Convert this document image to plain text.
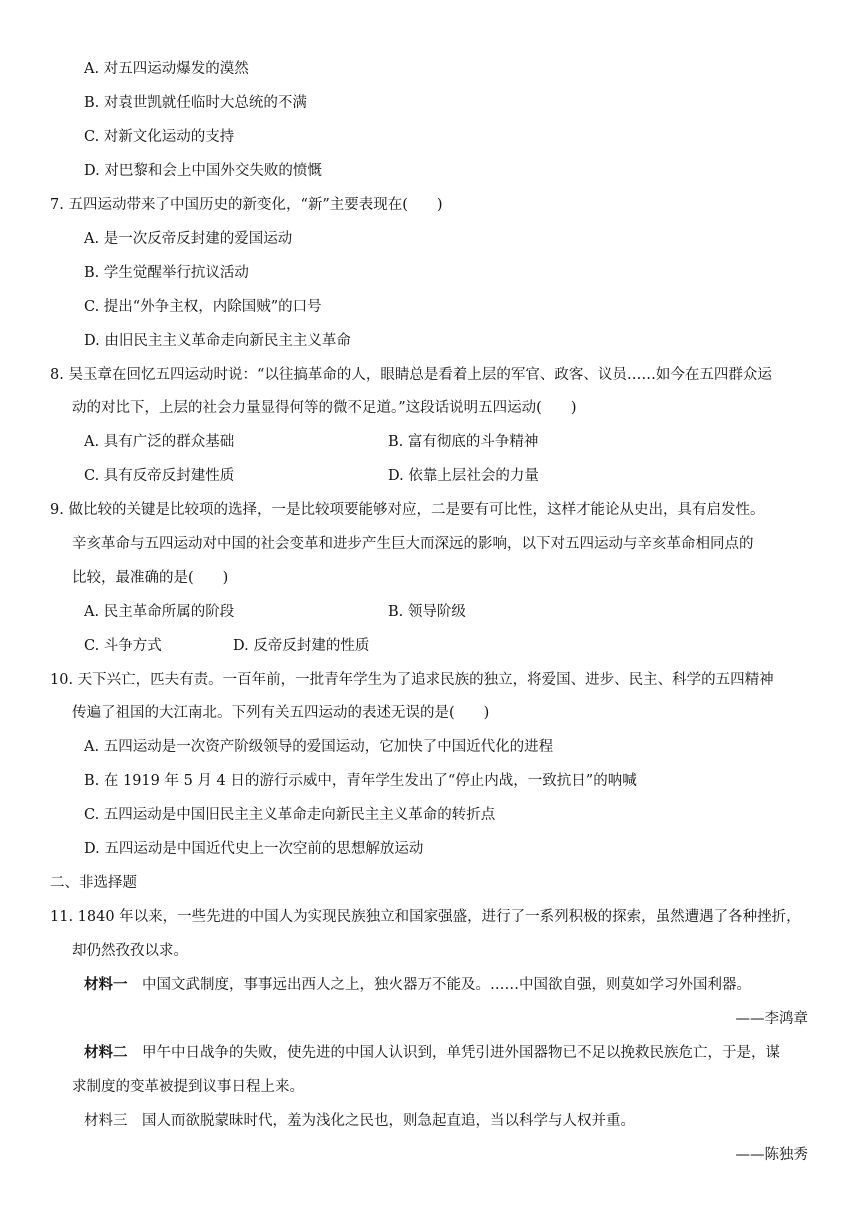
A. 对五四运动爆发的漠然
B. 对袁世凯就任临时大总统的不满
C. 对新文化运动的支持
D. 对巴黎和会上中国外交失败的愤慨
7. 五四运动带来了中国历史的新变化，“新”主要表现在(　　)
A. 是一次反帝反封建的爱国运动
B. 学生觉醒举行抗议活动
C. 提出“外争主权，内除国贼”的口号
D. 由旧民主主义革命走向新民主主义革命
8. 吴玉章在回忆五四运动时说：“以往搞革命的人，眼睛总是看着上层的军官、政客、议员……如今在五四群众运
动的对比下，上层的社会力量显得何等的微不足道。”这段话说明五四运动(　　)
A. 具有广泛的群众基础	B. 富有彻底的斗争精神
C. 具有反帝反封建性质	D. 依靠上层社会的力量
9. 做比较的关键是比较项的选择，一是比较项要能够对应，二是要有可比性，这样才能论从史出，具有启发性。
辛亥革命与五四运动对中国的社会变革和进步产生巨大而深远的影响，以下对五四运动与辛亥革命相同点的
比较，最准确的是(　　)
A. 民主革命所属的阶段	B. 领导阶级
C. 斗争方式	D. 反帝反封建的性质
10. 天下兴亡，匹夫有责。一百年前，一批青年学生为了追求民族的独立，将爱国、进步、民主、科学的五四精神
传遍了祖国的大江南北。下列有关五四运动的表述无误的是(　　)
A. 五四运动是一次资产阶级领导的爱国运动，它加快了中国近代化的进程
B. 在 1919 年 5 月 4 日的游行示威中，青年学生发出了“停止内战，一致抗日”的呐喊
C. 五四运动是中国旧民主主义革命走向新民主主义革命的转折点
D. 五四运动是中国近代史上一次空前的思想解放运动
二、非选择题
11. 1840 年以来，一些先进的中国人为实现民族独立和国家强盛，进行了一系列积极的探索，虽然遭遇了各种挫折，
却仍然孜孜以求。
材料一　中国文武制度，事事远出西人之上，独火器万不能及。……中国欲自强，则莫如学习外国利器。
——李鸿章
材料二　甲午中日战争的失败，使先进的中国人认识到，单凭引进外国器物已不足以挽救民族危亡，于是，谋
求制度的变革被提到议事日程上来。
材料三　国人而欲脱蒙昧时代，羞为浅化之民也，则急起直追，当以科学与人权并重。
——陈独秀
